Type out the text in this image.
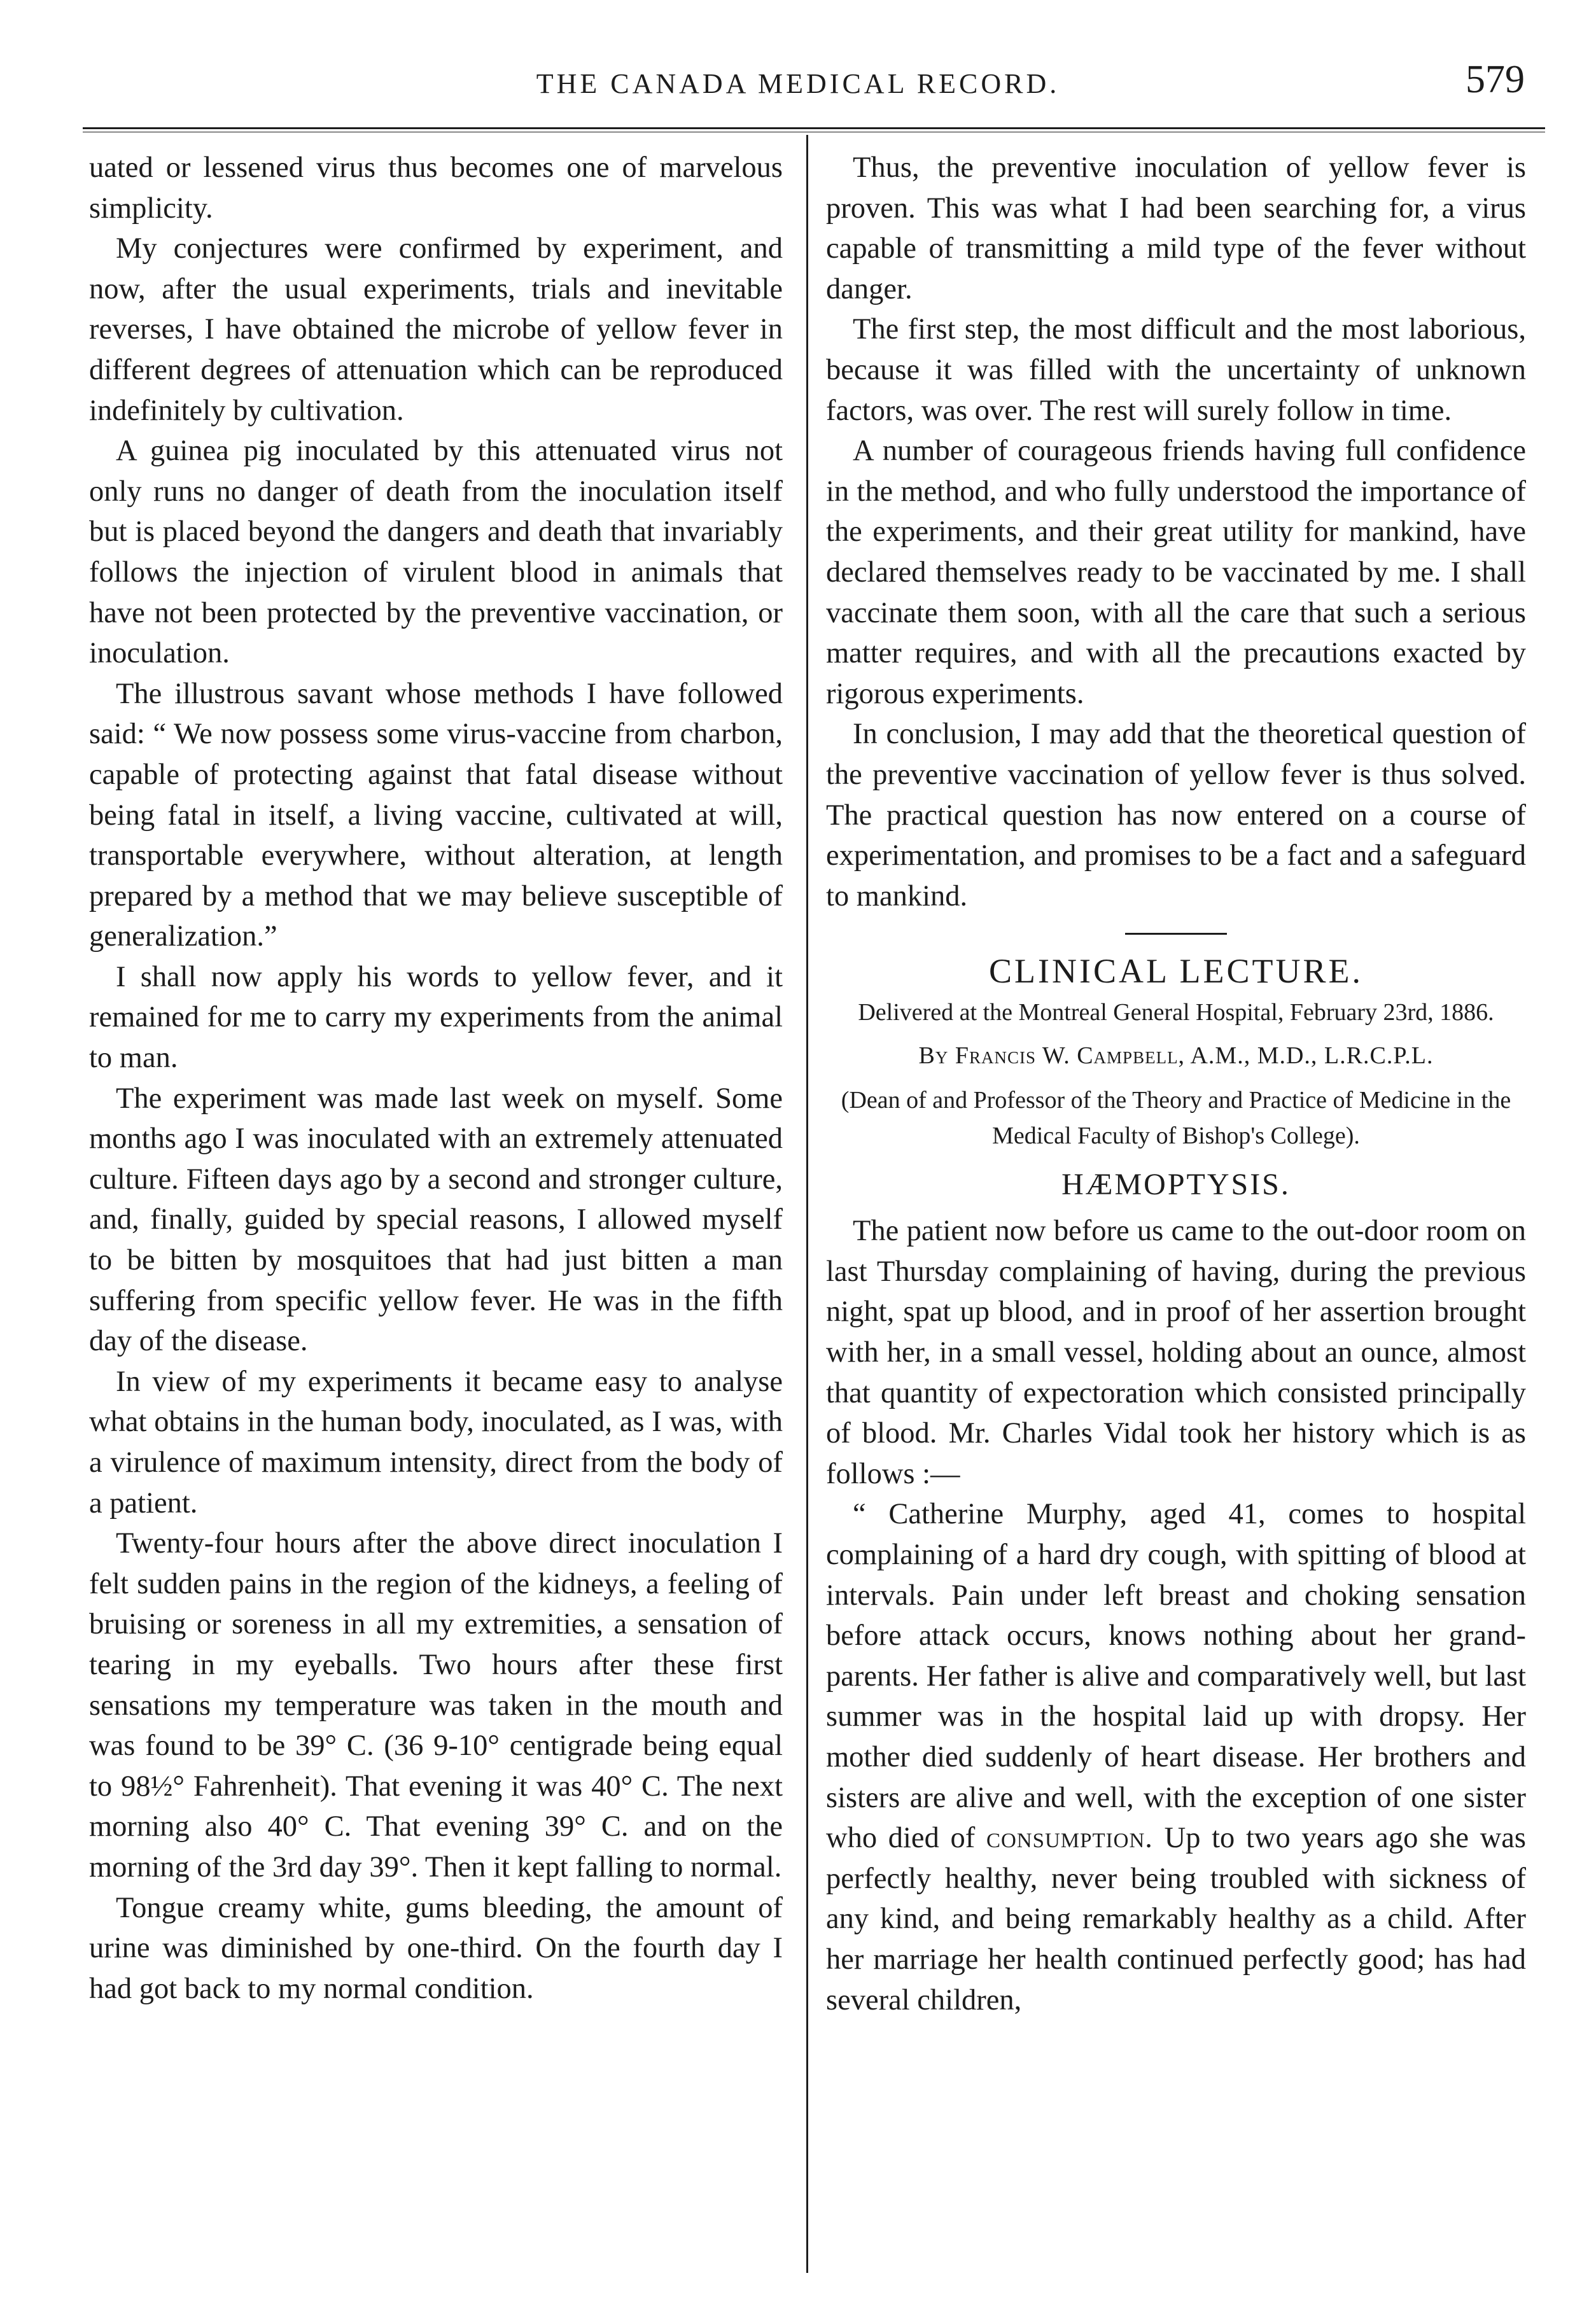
THE CANADA MEDICAL RECORD.	579

uated or lessened virus thus becomes one of marvelous simplicity.

My conjectures were confirmed by experiment, and now, after the usual experiments, trials and inevitable reverses, I have obtained the microbe of yellow fever in different degrees of attenuation which can be reproduced indefinitely by cultivation.

A guinea pig inoculated by this attenuated virus not only runs no danger of death from the inoculation itself but is placed beyond the dangers and death that invariably follows the injection of virulent blood in animals that have not been protected by the preventive vaccination, or inoculation.

The illustrous savant whose methods I have followed said: “ We now possess some virus-vaccine from charbon, capable of protecting against that fatal disease without being fatal in itself, a living vaccine, cultivated at will, transportable everywhere, without alteration, at length prepared by a method that we may believe susceptible of generalization.”

I shall now apply his words to yellow fever, and it remained for me to carry my experiments from the animal to man.

The experiment was made last week on myself. Some months ago I was inoculated with an extremely attenuated culture. Fifteen days ago by a second and stronger culture, and, finally, guided by special reasons, I allowed myself to be bitten by mosquitoes that had just bitten a man suffering from specific yellow fever. He was in the fifth day of the disease.

In view of my experiments it became easy to analyse what obtains in the human body, inoculated, as I was, with a virulence of maximum intensity, direct from the body of a patient.

Twenty-four hours after the above direct inoculation I felt sudden pains in the region of the kidneys, a feeling of bruising or soreness in all my extremities, a sensation of tearing in my eyeballs. Two hours after these first sensations my temperature was taken in the mouth and was found to be 39° C. (36 9-10° centigrade being equal to 98½° Fahrenheit). That evening it was 40° C. The next morning also 40° C. That evening 39° C. and on the morning of the 3rd day 39°. Then it kept falling to normal.

Tongue creamy white, gums bleeding, the amount of urine was diminished by one-third. On the fourth day I had got back to my normal condition.

Thus, the preventive inoculation of yellow fever is proven. This was what I had been searching for, a virus capable of transmitting a mild type of the fever without danger.

The first step, the most difficult and the most laborious, because it was filled with the uncertainty of unknown factors, was over. The rest will surely follow in time.

A number of courageous friends having full confidence in the method, and who fully understood the importance of the experiments, and their great utility for mankind, have declared themselves ready to be vaccinated by me. I shall vaccinate them soon, with all the care that such a serious matter requires, and with all the precautions exacted by rigorous experiments.

In conclusion, I may add that the theoretical question of the preventive vaccination of yellow fever is thus solved. The practical question has now entered on a course of experimentation, and promises to be a fact and a safeguard to mankind.

CLINICAL LECTURE.
Delivered at the Montreal General Hospital, February 23rd, 1886.
By Francis W. Campbell, A.M., M.D., L.R.C.P.L.
(Dean of and Professor of the Theory and Practice of Medicine in the Medical Faculty of Bishop's College).
HÆMOPTYSIS.

The patient now before us came to the out-door room on last Thursday complaining of having, during the previous night, spat up blood, and in proof of her assertion brought with her, in a small vessel, holding about an ounce, almost that quantity of expectoration which consisted principally of blood. Mr. Charles Vidal took her history which is as follows :—

“ Catherine Murphy, aged 41, comes to hospital complaining of a hard dry cough, with spitting of blood at intervals. Pain under left breast and choking sensation before attack occurs, knows nothing about her grand-parents. Her father is alive and comparatively well, but last summer was in the hospital laid up with dropsy. Her mother died suddenly of heart disease. Her brothers and sisters are alive and well, with the exception of one sister who died of consumption. Up to two years ago she was perfectly healthy, never being troubled with sickness of any kind, and being remarkably healthy as a child. After her marriage her health continued perfectly good; has had several children,
